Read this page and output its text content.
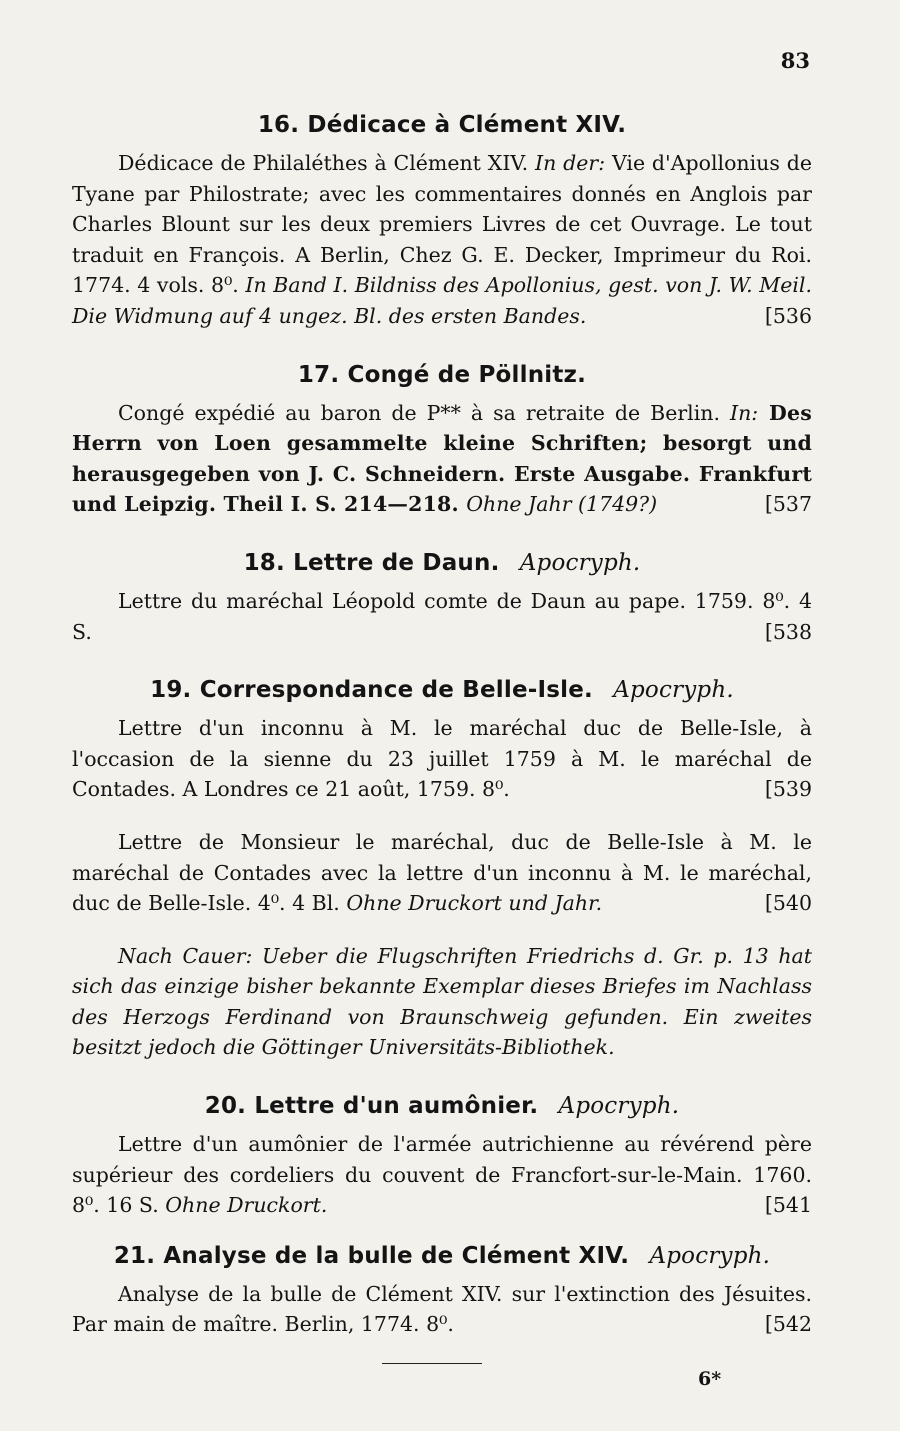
83
16. Dédicace à Clément XIV.

Dédicace de Philaléthes à Clément XIV. In der: Vie d'Apollonius de Tyane par Philostrate; avec les commentaires donnés en Anglois par Charles Blount sur les deux premiers Livres de cet Ouvrage. Le tout traduit en François. A Berlin, Chez G. E. Decker, Imprimeur du Roi. 1774. 4 vols. 8⁰. In Band I. Bildniss des Apollonius, gest. von J. W. Meil. Die Widmung auf 4 ungez. Bl. des ersten Bandes.	[536

17. Congé de Pöllnitz.

Congé expédié au baron de P** à sa retraite de Berlin. In: Des Herrn von Loen gesammelte kleine Schriften; besorgt und herausgegeben von J. C. Schneidern. Erste Ausgabe. Frankfurt und Leipzig. Theil I. S. 214—218. Ohne Jahr (1749?)	[537

18. Lettre de Daun. Apocryph.

Lettre du maréchal Léopold comte de Daun au pape. 1759. 8⁰. 4 S.	[538

19. Correspondance de Belle-Isle. Apocryph.

Lettre d'un inconnu à M. le maréchal duc de Belle-Isle, à l'occasion de la sienne du 23 juillet 1759 à M. le maréchal de Contades. A Londres ce 21 août, 1759. 8⁰.	[539

Lettre de Monsieur le maréchal, duc de Belle-Isle à M. le maréchal de Contades avec la lettre d'un inconnu à M. le maréchal, duc de Belle-Isle. 4⁰. 4 Bl. Ohne Druckort und Jahr.	[540

Nach Cauer: Ueber die Flugschriften Friedrichs d. Gr. p. 13 hat sich das einzige bisher bekannte Exemplar dieses Briefes im Nachlass des Herzogs Ferdinand von Braunschweig gefunden. Ein zweites besitzt jedoch die Göttinger Universitäts-Bibliothek.

20. Lettre d'un aumônier. Apocryph.

Lettre d'un aumônier de l'armée autrichienne au révérend père supérieur des cordeliers du couvent de Francfort-sur-le-Main. 1760. 8⁰. 16 S. Ohne Druckort.	[541

21. Analyse de la bulle de Clément XIV. Apocryph.

Analyse de la bulle de Clément XIV. sur l'extinction des Jésuites. Par main de maître. Berlin, 1774. 8⁰.	[542

6*
